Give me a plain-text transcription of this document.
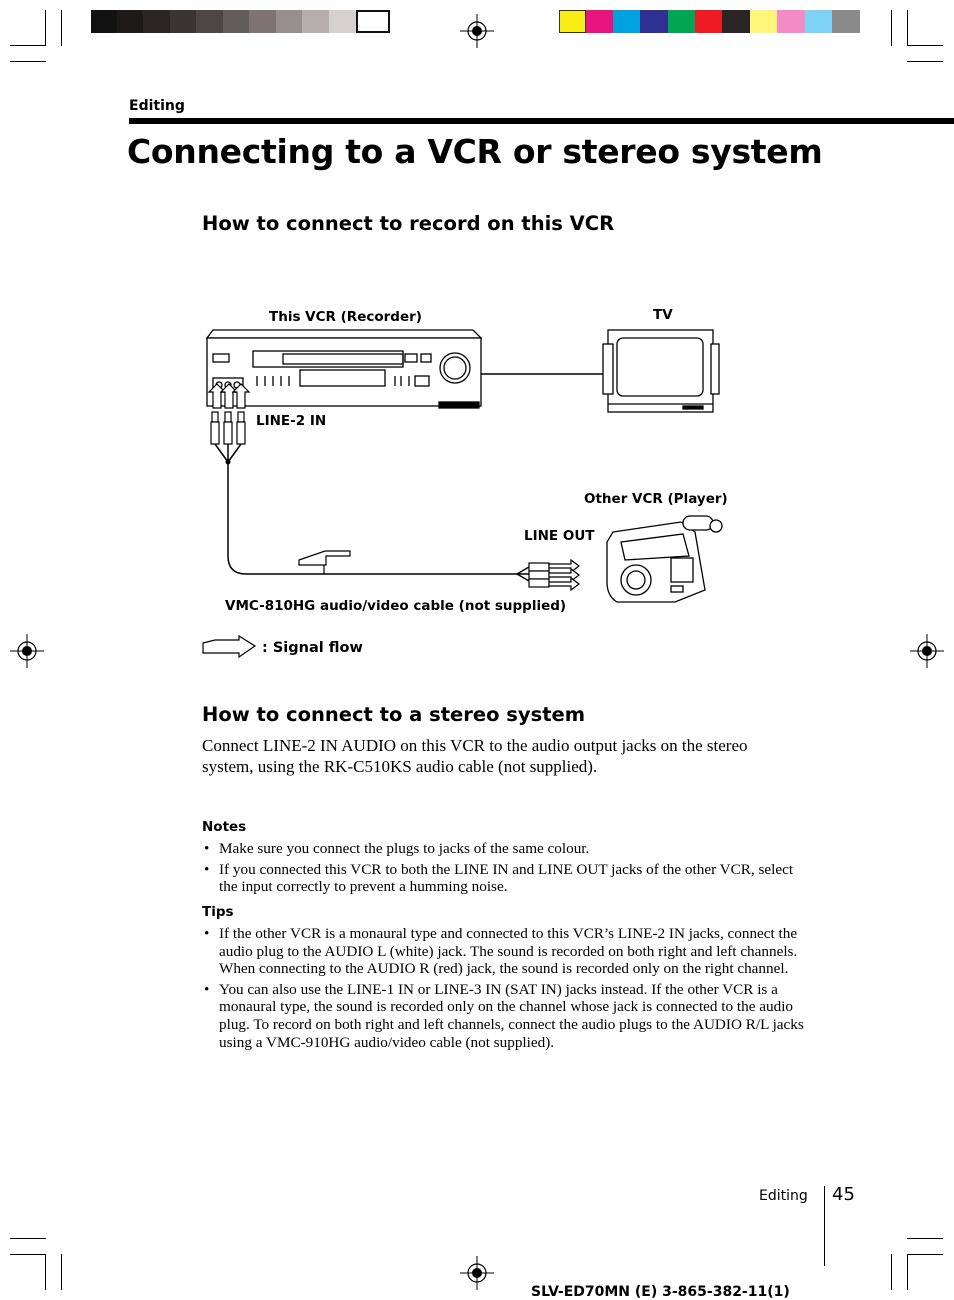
Editing
Connecting to a VCR or stereo system
How to connect to record on this VCR
This VCR (Recorder)	TV
LINE-2 IN
Other VCR (Player)
LINE OUT
VMC-810HG audio/video cable (not supplied)
: Signal flow
How to connect to a stereo system
Connect LINE-2 IN AUDIO on this VCR to the audio output jacks on the stereo system, using the RK-C510KS audio cable (not supplied).
Notes
• Make sure you connect the plugs to jacks of the same colour.
• If you connected this VCR to both the LINE IN and LINE OUT jacks of the other VCR, select the input correctly to prevent a humming noise.
Tips
• If the other VCR is a monaural type and connected to this VCR’s LINE-2 IN jacks, connect the audio plug to the AUDIO L (white) jack. The sound is recorded on both right and left channels. When connecting to the AUDIO R (red) jack, the sound is recorded only on the right channel.
• You can also use the LINE-1 IN or LINE-3 IN (SAT IN) jacks instead. If the other VCR is a monaural type, the sound is recorded only on the channel whose jack is connected to the audio plug. To record on both right and left channels, connect the audio plugs to the AUDIO R/L jacks using a VMC-910HG audio/video cable (not supplied).
Editing 45
SLV-ED70MN (E) 3-865-382-11(1)
